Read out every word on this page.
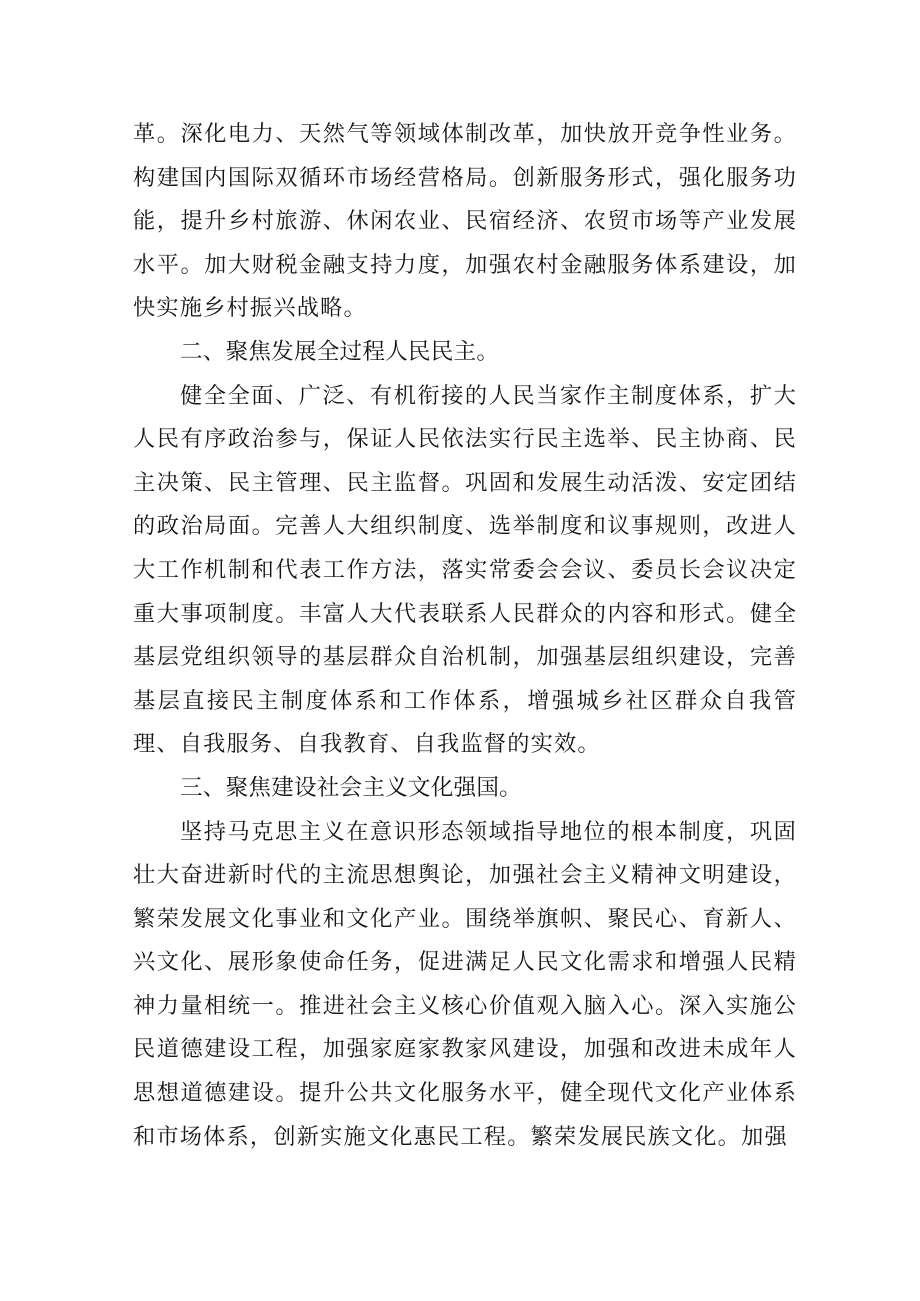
革。深化电力、天然气等领域体制改革，加快放开竞争性业务。构建国内国际双循环市场经营格局。创新服务形式，强化服务功能，提升乡村旅游、休闲农业、民宿经济、农贸市场等产业发展水平。加大财税金融支持力度，加强农村金融服务体系建设，加快实施乡村振兴战略。

二、聚焦发展全过程人民民主。

健全全面、广泛、有机衔接的人民当家作主制度体系，扩大人民有序政治参与，保证人民依法实行民主选举、民主协商、民主决策、民主管理、民主监督。巩固和发展生动活泼、安定团结的政治局面。完善人大组织制度、选举制度和议事规则，改进人大工作机制和代表工作方法，落实常委会会议、委员长会议决定重大事项制度。丰富人大代表联系人民群众的内容和形式。健全基层党组织领导的基层群众自治机制，加强基层组织建设，完善基层直接民主制度体系和工作体系，增强城乡社区群众自我管理、自我服务、自我教育、自我监督的实效。

三、聚焦建设社会主义文化强国。

坚持马克思主义在意识形态领域指导地位的根本制度，巩固壮大奋进新时代的主流思想舆论，加强社会主义精神文明建设，繁荣发展文化事业和文化产业。围绕举旗帜、聚民心、育新人、兴文化、展形象使命任务，促进满足人民文化需求和增强人民精神力量相统一。推进社会主义核心价值观入脑入心。深入实施公民道德建设工程，加强家庭家教家风建设，加强和改进未成年人思想道德建设。提升公共文化服务水平，健全现代文化产业体系和市场体系，创新实施文化惠民工程。繁荣发展民族文化。加强
